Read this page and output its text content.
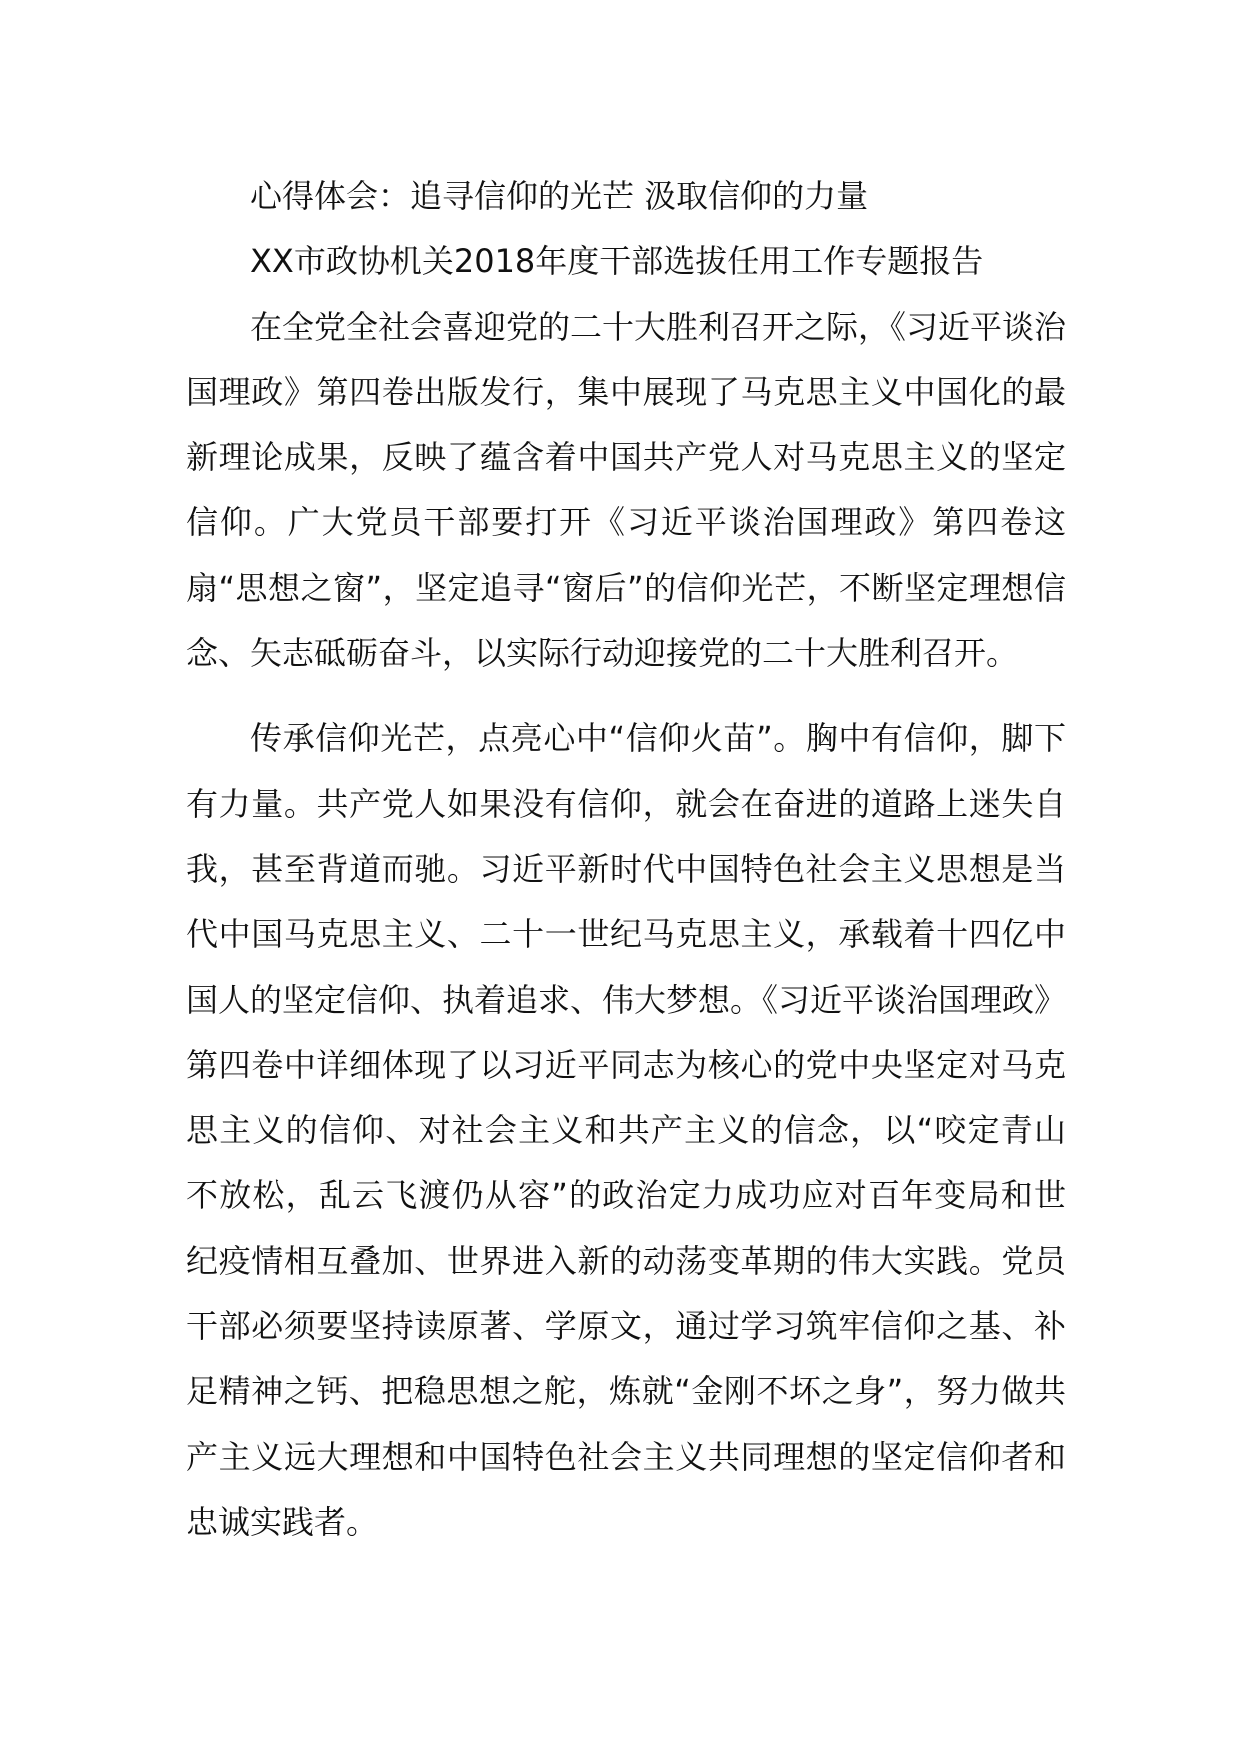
心得体会：追寻信仰的光芒 汲取信仰的力量

XX市政协机关2018年度干部选拔任用工作专题报告

在全党全社会喜迎党的二十大胜利召开之际，《习近平谈治国理政》第四卷出版发行，集中展现了马克思主义中国化的最新理论成果，反映了蕴含着中国共产党人对马克思主义的坚定信仰。广大党员干部要打开《习近平谈治国理政》第四卷这扇“思想之窗”，坚定追寻“窗后”的信仰光芒，不断坚定理想信念、矢志砥砺奋斗，以实际行动迎接党的二十大胜利召开。

传承信仰光芒，点亮心中“信仰火苗”。胸中有信仰，脚下有力量。共产党人如果没有信仰，就会在奋进的道路上迷失自我，甚至背道而驰。习近平新时代中国特色社会主义思想是当代中国马克思主义、二十一世纪马克思主义，承载着十四亿中国人的坚定信仰、执着追求、伟大梦想。《习近平谈治国理政》第四卷中详细体现了以习近平同志为核心的党中央坚定对马克思主义的信仰、对社会主义和共产主义的信念，以“咬定青山不放松，乱云飞渡仍从容”的政治定力成功应对百年变局和世纪疫情相互叠加、世界进入新的动荡变革期的伟大实践。党员干部必须要坚持读原著、学原文，通过学习筑牢信仰之基、补足精神之钙、把稳思想之舵，炼就“金刚不坏之身”，努力做共产主义远大理想和中国特色社会主义共同理想的坚定信仰者和忠诚实践者。
